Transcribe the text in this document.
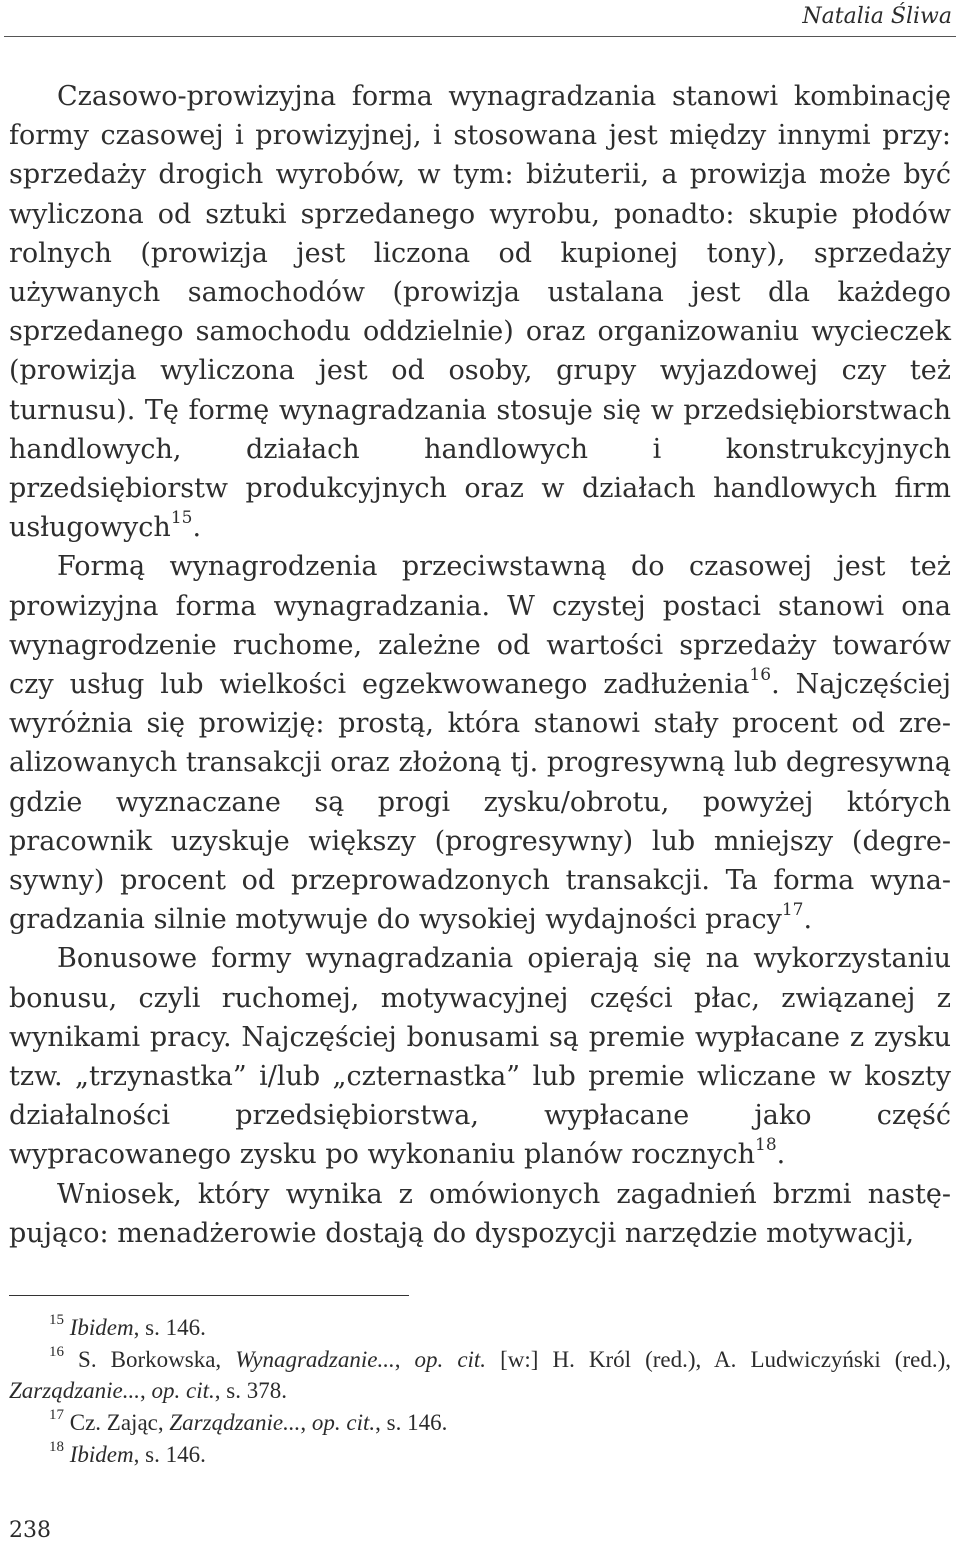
Natalia Śliwa

Czasowo-prowizyjna forma wynagradzania stanowi kombinację formy czasowej i prowizyjnej, i stosowana jest między innymi przy: sprzedaży drogich wyrobów, w tym: biżuterii, a prowizja może być wyliczona od sztuki sprzedanego wyrobu, ponadto: skupie płodów rolnych (prowizja jest liczona od kupionej tony), sprzedaży używanych samochodów (prowizja ustalana jest dla każdego sprzedanego samochodu oddzielnie) oraz organizowaniu wycieczek (prowizja wyliczona jest od osoby, grupy wyjazdowej czy też turnusu). Tę formę wynagradzania stosuje się w przedsiębiorstwach handlowych, działach handlowych i konstrukcyjnych przedsiębiorstw produkcyjnych oraz w działach handlowych firm usługowych$^{15}$.

Formą wynagrodzenia przeciwstawną do czasowej jest też prowizyjna forma wynagradzania. W czystej postaci stanowi ona wynagrodzenie ruchome, zależne od wartości sprzedaży towarów czy usług lub wielkości egzekwowanego zadłużenia$^{16}$. Najczęściej wyróżnia się prowizję: prostą, która stanowi stały procent od zrealizowanych transakcji oraz złożoną tj. progresywną lub degresywną gdzie wyznaczane są progi zysku/obrotu, powyżej których pracownik uzyskuje większy (progresywny) lub mniejszy (degresywny) procent od przeprowadzonych transakcji. Ta forma wynagradzania silnie motywuje do wysokiej wydajności pracy$^{17}$.

Bonusowe formy wynagradzania opierają się na wykorzystaniu bonusu, czyli ruchomej, motywacyjnej części płac, związanej z wynikami pracy. Najczęściej bonusami są premie wypłacane z zysku tzw. „trzynastka” i/lub „czternastka” lub premie wliczane w koszty działalności przedsiębiorstwa, wypłacane jako część wypracowanego zysku po wykonaniu planów rocznych$^{18}$.

Wniosek, który wynika z omówionych zagadnień brzmi następująco: menadżerowie dostają do dyspozycji narzędzie motywacji,

$^{15}$ Ibidem, s. 146.

$^{16}$ S. Borkowska, Wynagradzanie..., op. cit. [w:] H. Król (red.), A. Ludwiczyński (red.), Zarządzanie..., op. cit., s. 378.

$^{17}$ Cz. Zając, Zarządzanie..., op. cit., s. 146.

$^{18}$ Ibidem, s. 146.

238
